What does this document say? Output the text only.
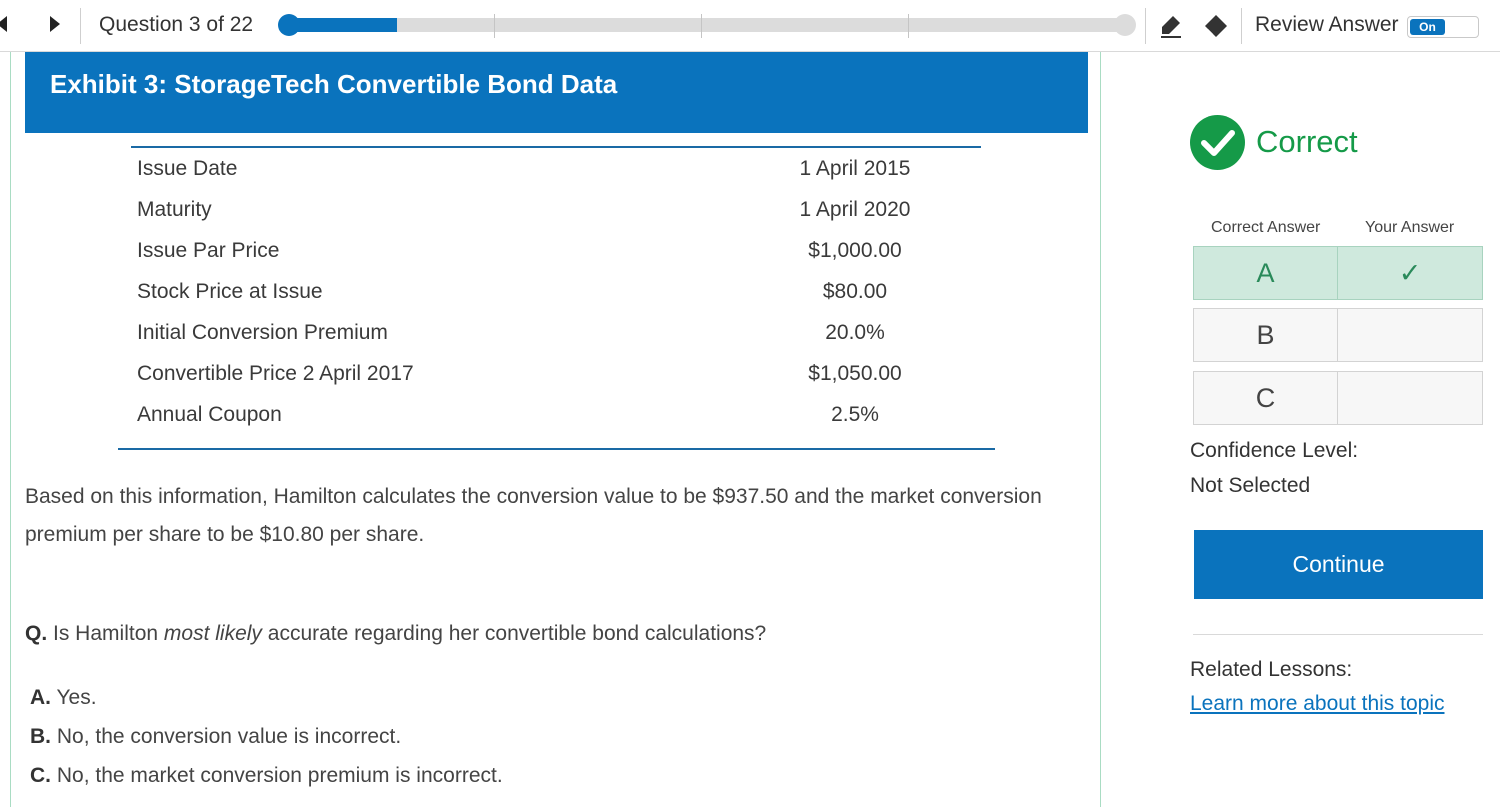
Question 3 of 22	Review Answer	On
Exhibit 3: StorageTech Convertible Bond Data
Issue Date	1 April 2015
Maturity	1 April 2020
Issue Par Price	$1,000.00
Stock Price at Issue	$80.00
Initial Conversion Premium	20.0%
Convertible Price 2 April 2017	$1,050.00
Annual Coupon	2.5%
Based on this information, Hamilton calculates the conversion value to be $937.50 and the market conversion premium per share to be $10.80 per share.
Q. Is Hamilton most likely accurate regarding her convertible bond calculations?
A. Yes.
B. No, the conversion value is incorrect.
C. No, the market conversion premium is incorrect.
Correct
Correct Answer	Your Answer
A	✓
B
C
Confidence Level:
Not Selected
Continue
Related Lessons:
Learn more about this topic
